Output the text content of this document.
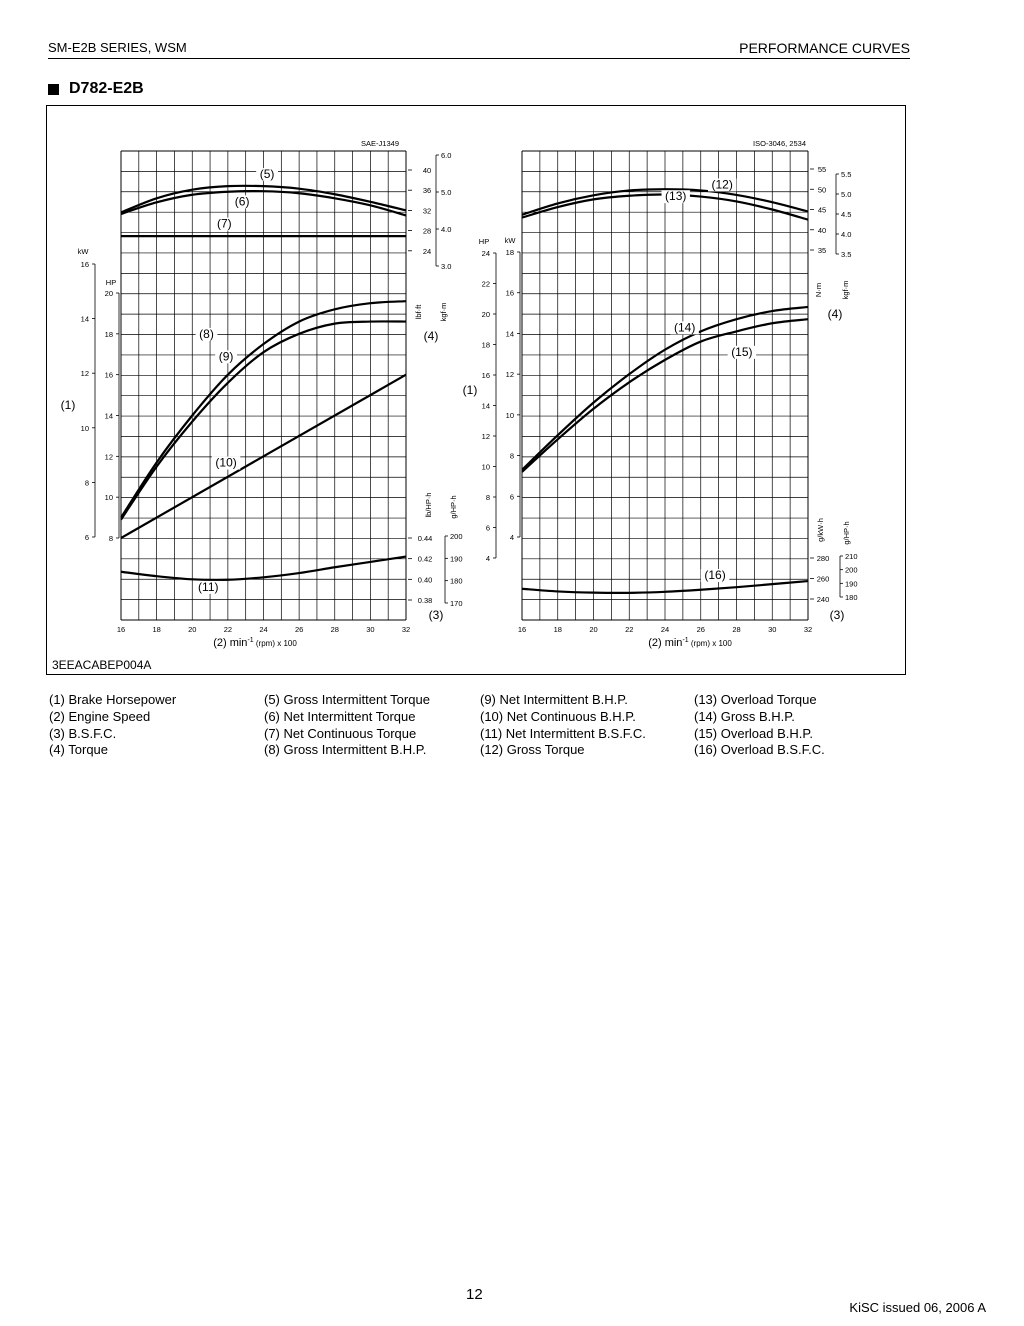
SM-E2B SERIES, WSM	PERFORMANCE CURVES
D782-E2B
SAE-J1349
16	18	20	22	24	26	28	30	32
(2) $\min^{-1} _{(rpm) x 100}$
6
8
10
12
14
16
kW
8
10
12
14
16
18
20
HP
24
28
32
36
40
lbf·ft
3.0
4.0
5.0
6.0
kgf·m
0.38
0.40
0.42
0.44
lb/HP·h
170
180
190
200
g/HP·h
(1)
(4)
(3)
(5)
(6)
(7)
(8)
(9)
(10)
(11)
ISO-3046, 2534
16	18	20	22	24	26	28	30	32
(2) $\min^{-1} _{(rpm) x 100}$
4
6
8
10
12
14
16
18
20
22
24
HP
4
6
8
10
12
14
16
18
kW
35
40
45
50
55
N·m
3.5
4.0
4.5
5.0
5.5
kgf·m
240
260
280
g/kW·h
180
190
200
210
g/HP·h
(1)
(4)
(3)
(12)
(13)
(14)
(15)
(16)
3EEACABEP004A
(1) Brake Horsepower
(2) Engine Speed
(3) B.S.F.C.
(4) Torque
(5) Gross Intermittent Torque
(6) Net Intermittent Torque
(7) Net Continuous Torque
(8) Gross Intermittent B.H.P.
(9) Net Intermittent B.H.P.
(10) Net Continuous B.H.P.
(11) Net Intermittent B.S.F.C.
(12) Gross Torque
(13) Overload Torque
(14) Gross B.H.P.
(15) Overload B.H.P.
(16) Overload B.S.F.C.
12
KiSC issued 06, 2006 A
